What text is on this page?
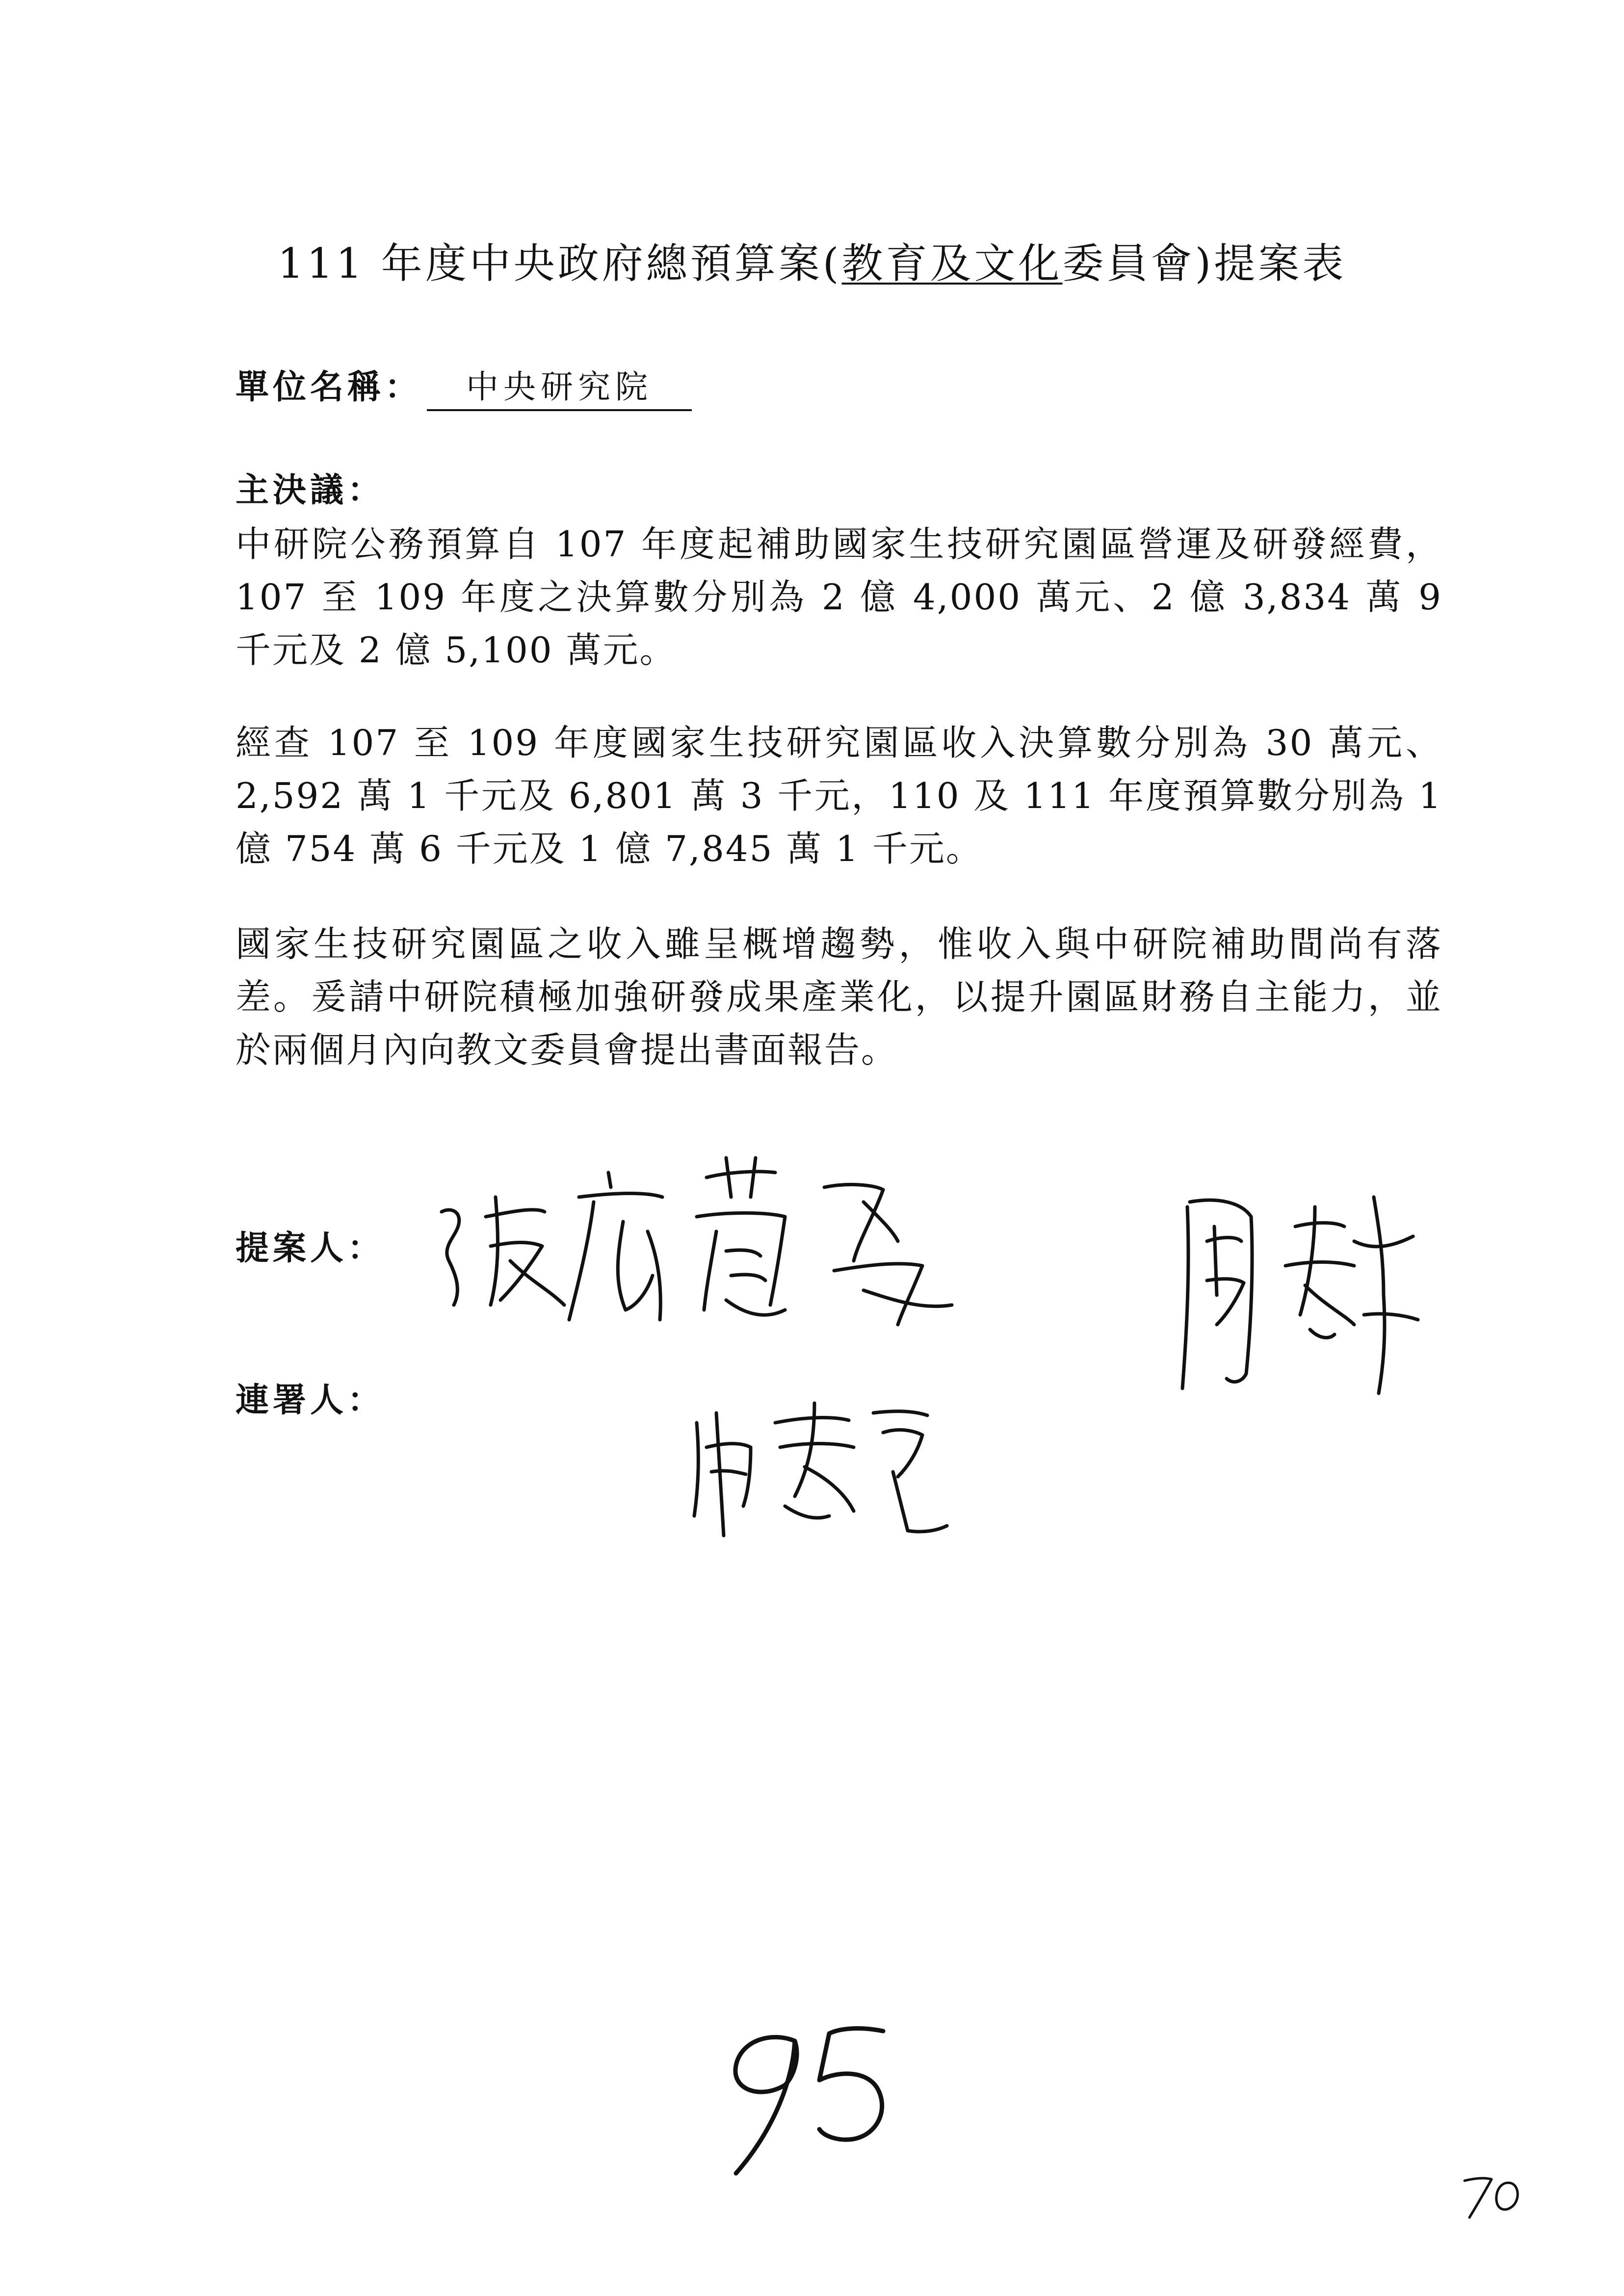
111 年度中央政府總預算案(教育及文化委員會)提案表
單位名稱：	中央研究院
主決議：
中研院公務預算自 107 年度起補助國家生技研究園區營運及研發經費，107 至 109 年度之決算數分別為 2 億 4,000 萬元、2 億 3,834 萬 9 千元及 2 億 5,100 萬元。
經查 107 至 109 年度國家生技研究園區收入決算數分別為 30 萬元、2,592 萬 1 千元及 6,801 萬 3 千元，110 及 111 年度預算數分別為 1 億 754 萬 6 千元及 1 億 7,845 萬 1 千元。
國家生技研究園區之收入雖呈概增趨勢，惟收入與中研院補助間尚有落差。爰請中研院積極加強研發成果產業化，以提升園區財務自主能力，並於兩個月內向教文委員會提出書面報告。
提案人：
連署人：
